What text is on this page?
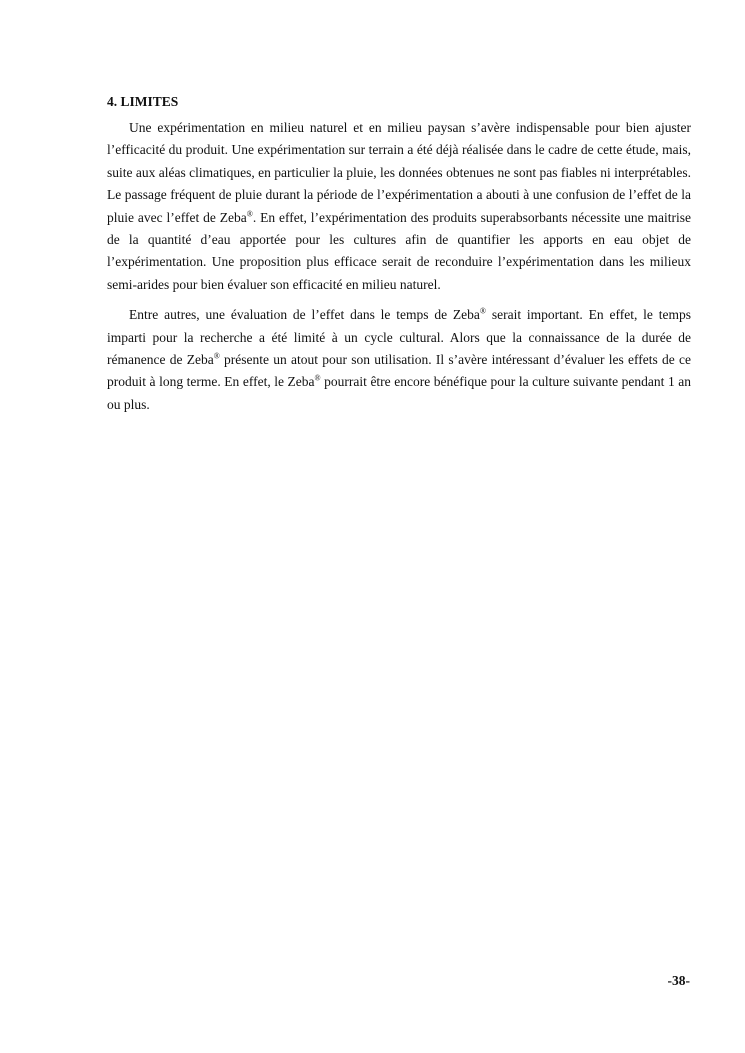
4. LIMITES

Une expérimentation en milieu naturel et en milieu paysan s’avère indispensable pour bien ajuster l’efficacité du produit. Une expérimentation sur terrain a été déjà réalisée dans le cadre de cette étude, mais, suite aux aléas climatiques, en particulier la pluie, les données obtenues ne sont pas fiables ni interprétables. Le passage fréquent de pluie durant la période de l’expérimentation a abouti à une confusion de l’effet de la pluie avec l’effet de Zeba®. En effet, l’expérimentation des produits superabsorbants nécessite une maitrise de la quantité d’eau apportée pour les cultures afin de quantifier les apports en eau objet de l’expérimentation. Une proposition plus efficace serait de reconduire l’expérimentation dans les milieux semi-arides pour bien évaluer son efficacité en milieu naturel.

Entre autres, une évaluation de l’effet dans le temps de Zeba® serait important. En effet, le temps imparti pour la recherche a été limité à un cycle cultural. Alors que la connaissance de la durée de rémanence de Zeba® présente un atout pour son utilisation. Il s’avère intéressant d’évaluer les effets de ce produit à long terme. En effet, le Zeba® pourrait être encore bénéfique pour la culture suivante pendant 1 an ou plus.

-38-
